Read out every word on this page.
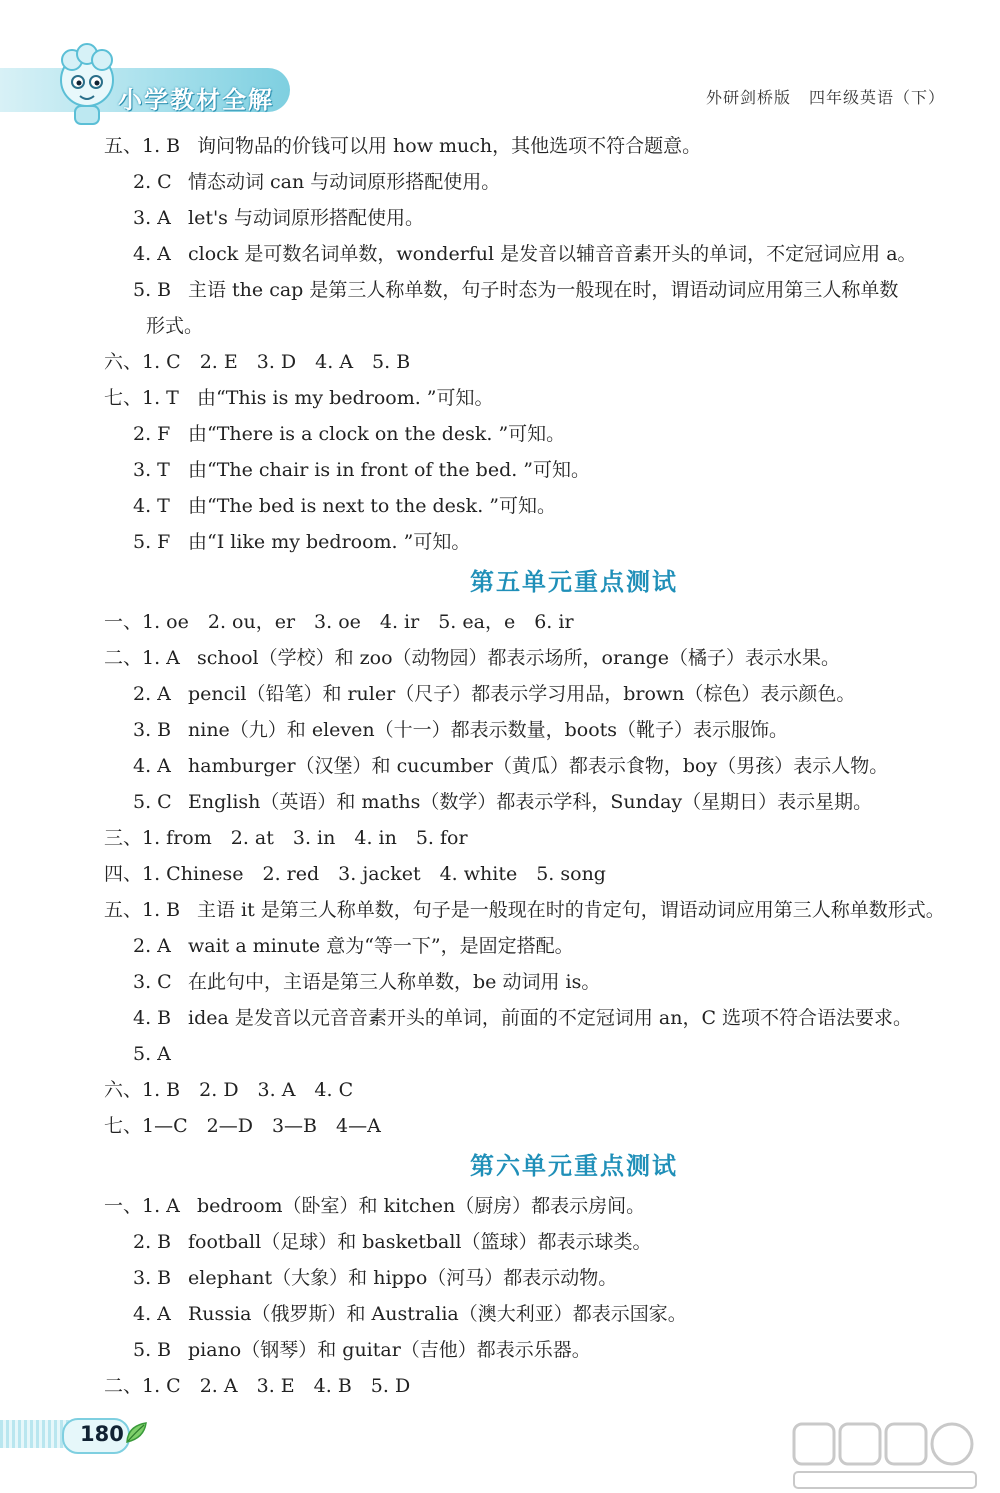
小学教材全解	外研剑桥版 四年级英语（下）
五、1. B 询问物品的价钱可以用 how much，其他选项不符合题意。
2. C 情态动词 can 与动词原形搭配使用。
3. A let's 与动词原形搭配使用。
4. A clock 是可数名词单数，wonderful 是发音以辅音音素开头的单词，不定冠词应用 a。
5. B 主语 the cap 是第三人称单数，句子时态为一般现在时，谓语动词应用第三人称单数
形式。
六、1. C　2. E　3. D　4. A　5. B
七、1. T 由“This is my bedroom. ”可知。
2. F 由“There is a clock on the desk. ”可知。
3. T 由“The chair is in front of the bed. ”可知。
4. T 由“The bed is next to the desk. ”可知。
5. F 由“I like my bedroom. ”可知。
第五单元重点测试
一、1. oe　2. ou，er　3. oe　4. ir　5. ea，e　6. ir
二、1. A school（学校）和 zoo（动物园）都表示场所，orange（橘子）表示水果。
2. A pencil（铅笔）和 ruler（尺子）都表示学习用品，brown（棕色）表示颜色。
3. B nine（九）和 eleven（十一）都表示数量，boots（靴子）表示服饰。
4. A hamburger（汉堡）和 cucumber（黄瓜）都表示食物，boy（男孩）表示人物。
5. C English（英语）和 maths（数学）都表示学科，Sunday（星期日）表示星期。
三、1. from　2. at　3. in　4. in　5. for
四、1. Chinese　2. red　3. jacket　4. white　5. song
五、1. B 主语 it 是第三人称单数，句子是一般现在时的肯定句，谓语动词应用第三人称单数形式。
2. A wait a minute 意为“等一下”，是固定搭配。
3. C 在此句中，主语是第三人称单数，be 动词用 is。
4. B idea 是发音以元音音素开头的单词，前面的不定冠词用 an，C 选项不符合语法要求。
5. A
六、1. B　2. D　3. A　4. C
七、1—C　2—D　3—B　4—A
第六单元重点测试
一、1. A bedroom（卧室）和 kitchen（厨房）都表示房间。
2. B football（足球）和 basketball（篮球）都表示球类。
3. B elephant（大象）和 hippo（河马）都表示动物。
4. A Russia（俄罗斯）和 Australia（澳大利亚）都表示国家。
5. B piano（钢琴）和 guitar（吉他）都表示乐器。
二、1. C　2. A　3. E　4. B　5. D
180
